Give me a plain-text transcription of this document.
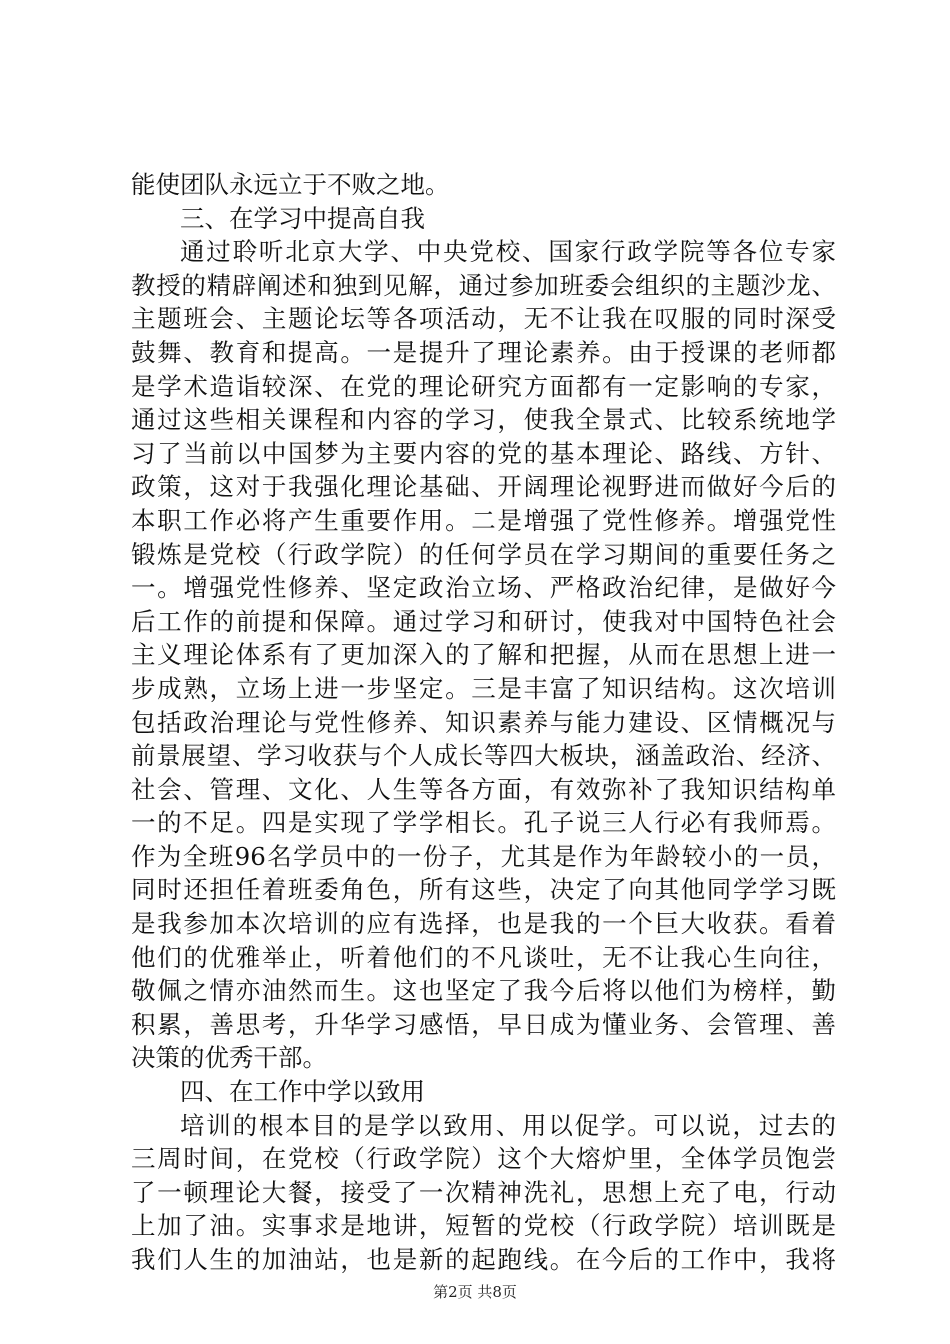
能使团队永远立于不败之地。
三、在学习中提高自我
通过聆听北京大学、中央党校、国家行政学院等各位专家
教授的精辟阐述和独到见解，通过参加班委会组织的主题沙龙、
主题班会、主题论坛等各项活动，无不让我在叹服的同时深受
鼓舞、教育和提高。一是提升了理论素养。由于授课的老师都
是学术造诣较深、在党的理论研究方面都有一定影响的专家，
通过这些相关课程和内容的学习，使我全景式、比较系统地学
习了当前以中国梦为主要内容的党的基本理论、路线、方针、
政策，这对于我强化理论基础、开阔理论视野进而做好今后的
本职工作必将产生重要作用。二是增强了党性修养。增强党性
锻炼是党校（行政学院）的任何学员在学习期间的重要任务之
一。增强党性修养、坚定政治立场、严格政治纪律，是做好今
后工作的前提和保障。通过学习和研讨，使我对中国特色社会
主义理论体系有了更加深入的了解和把握，从而在思想上进一
步成熟，立场上进一步坚定。三是丰富了知识结构。这次培训
包括政治理论与党性修养、知识素养与能力建设、区情概况与
前景展望、学习收获与个人成长等四大板块，涵盖政治、经济、
社会、管理、文化、人生等各方面，有效弥补了我知识结构单
一的不足。四是实现了学学相长。孔子说三人行必有我师焉。
作为全班96名学员中的一份子，尤其是作为年龄较小的一员，
同时还担任着班委角色，所有这些，决定了向其他同学学习既
是我参加本次培训的应有选择，也是我的一个巨大收获。看着
他们的优雅举止，听着他们的不凡谈吐，无不让我心生向往，
敬佩之情亦油然而生。这也坚定了我今后将以他们为榜样，勤
积累，善思考，升华学习感悟，早日成为懂业务、会管理、善
决策的优秀干部。
四、在工作中学以致用
培训的根本目的是学以致用、用以促学。可以说，过去的
三周时间，在党校（行政学院）这个大熔炉里，全体学员饱尝
了一顿理论大餐，接受了一次精神洗礼，思想上充了电，行动
上加了油。实事求是地讲，短暂的党校（行政学院）培训既是
我们人生的加油站，也是新的起跑线。在今后的工作中，我将
第2页 共8页
